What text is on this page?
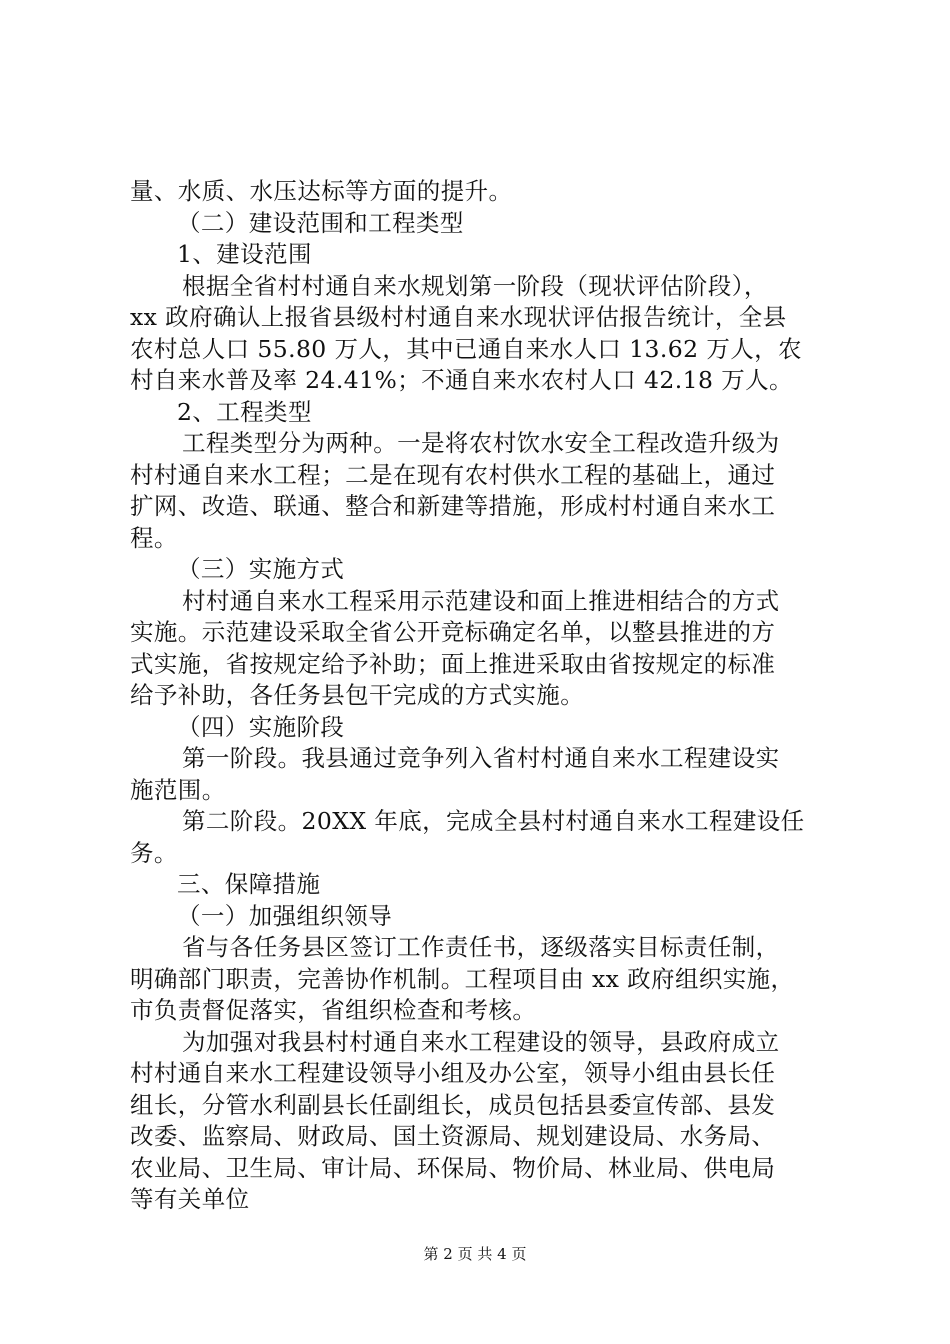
量、水质、水压达标等方面的提升。
（二）建设范围和工程类型
1、建设范围
根据全省村村通自来水规划第一阶段（现状评估阶段），
xx 政府确认上报省县级村村通自来水现状评估报告统计，全县
农村总人口 55.80 万人，其中已通自来水人口 13.62 万人，农
村自来水普及率 24.41%；不通自来水农村人口 42.18 万人。
2、工程类型
工程类型分为两种。一是将农村饮水安全工程改造升级为
村村通自来水工程；二是在现有农村供水工程的基础上，通过
扩网、改造、联通、整合和新建等措施，形成村村通自来水工
程。
（三）实施方式
村村通自来水工程采用示范建设和面上推进相结合的方式
实施。示范建设采取全省公开竞标确定名单，以整县推进的方
式实施，省按规定给予补助；面上推进采取由省按规定的标准
给予补助，各任务县包干完成的方式实施。
（四）实施阶段
第一阶段。我县通过竞争列入省村村通自来水工程建设实
施范围。
第二阶段。20XX 年底，完成全县村村通自来水工程建设任
务。
三、保障措施
（一）加强组织领导
省与各任务县区签订工作责任书，逐级落实目标责任制，
明确部门职责，完善协作机制。工程项目由 xx 政府组织实施，
市负责督促落实，省组织检查和考核。
为加强对我县村村通自来水工程建设的领导，县政府成立
村村通自来水工程建设领导小组及办公室，领导小组由县长任
组长，分管水利副县长任副组长，成员包括县委宣传部、县发
改委、监察局、财政局、国土资源局、规划建设局、水务局、
农业局、卫生局、审计局、环保局、物价局、林业局、供电局
等有关单位
第 2 页 共 4 页
